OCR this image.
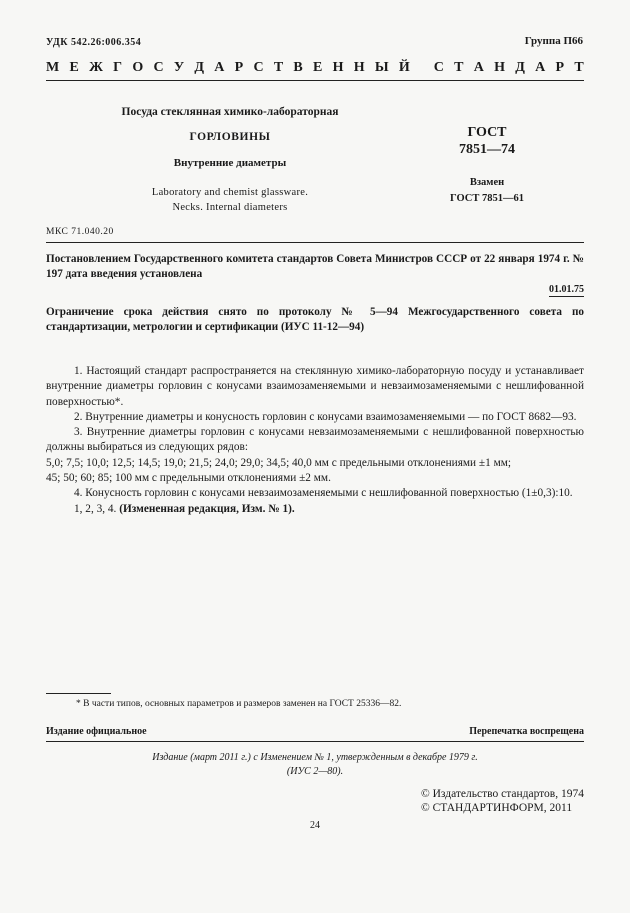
УДК 542.26:006.354	Группа П66
М Е Ж Г О С У Д А Р С Т В Е Н Н Ы Й
С Т А Н Д А Р Т
Посуда стеклянная химико-лабораторная
ГОРЛОВИНЫ
Внутренние диаметры
Laboratory and chemist glassware.
Necks. Internal diameters
ГОСТ
7851—74
Взамен
ГОСТ 7851—61
МКС 71.040.20
Постановлением Государственного комитета стандартов Совета Министров СССР от 22 января 1974 г. № 197 дата введения установлена
01.01.75
Ограничение срока действия снято по протоколу № 5—94 Межгосударственного совета по стандартизации, метрологии и сертификации (ИУС 11-12—94)

1. Настоящий стандарт распространяется на стеклянную химико-лабораторную посуду и устанавливает внутренние диаметры горловин с конусами взаимозаменяемыми и невзаимозаменяемыми с нешлифованной поверхностью*.

2. Внутренние диаметры и конусность горловин с конусами взаимозаменяемыми — по ГОСТ 8682—93.

3. Внутренние диаметры горловин с конусами невзаимозаменяемыми с нешлифованной поверхностью должны выбираться из следующих рядов:

5,0; 7,5; 10,0; 12,5; 14,5; 19,0; 21,5; 24,0; 29,0; 34,5; 40,0 мм с предельными отклонениями ±1 мм;

45; 50; 60; 85; 100 мм с предельными отклонениями ±2 мм.

4. Конусность горловин с конусами невзаимозаменяемыми с нешлифованной поверхностью (1±0,3):10.

1, 2, 3, 4. (Измененная редакция, Изм. № 1).

* В части типов, основных параметров и размеров заменен на ГОСТ 25336—82.
Издание официальное	Перепечатка воспрещена
Издание (март 2011 г.) с Изменением № 1, утвержденным в декабре 1979 г.
(ИУС 2—80).
© Издательство стандартов, 1974
© СТАНДАРТИНФОРМ, 2011
24
